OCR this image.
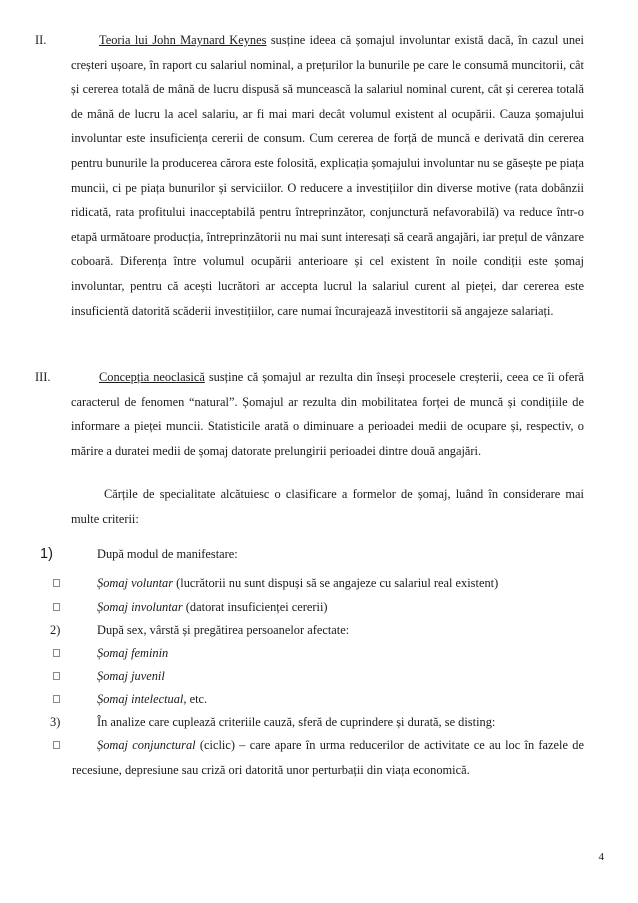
II.	Teoria lui John Maynard Keynes susține ideea că șomajul involuntar există dacă, în cazul unei creșteri ușoare, în raport cu salariul nominal, a prețurilor la bunurile pe care le consumă muncitorii, cât și cererea totală de mână de lucru dispusă să muncească la salariul nominal curent, cât și cererea totală de mână de lucru la acel salariu, ar fi mai mari decât volumul existent al ocupării. Cauza șomajului involuntar este insuficiența cererii de consum. Cum cererea de forță de muncă e derivată din cererea pentru bunurile la producerea cărora este folosită, explicația șomajului involuntar nu se găsește pe piața muncii, ci pe piața bunurilor și serviciilor. O reducere a investițiilor din diverse motive (rata dobânzii ridicată, rata profitului inacceptabilă pentru întreprinzător, conjunctură nefavorabilă) va reduce într-o etapă următoare producția, întreprinzătorii nu mai sunt interesați să ceară angajări, iar prețul de vânzare coboară. Diferența între volumul ocupării anterioare și cel existent în noile condiții este șomaj involuntar, pentru că acești lucrători ar accepta lucrul la salariul curent al pieței, dar cererea este insuficientă datorită scăderii investițiilor, care numai încurajează investitorii să angajeze salariați.

III.	Concepția neoclasică susține că șomajul ar rezulta din înseși procesele creșterii, ceea ce îi oferă caracterul de fenomen “natural”. Șomajul ar rezulta din mobilitatea forței de muncă și condițiile de informare a pieței muncii. Statisticile arată o diminuare a perioadei medii de ocupare și, respectiv, o mărire a duratei medii de șomaj datorate prelungirii perioadei dintre două angajări.

Cărțile de specialitate alcătuiesc o clasificare a formelor de șomaj, luând în considerare mai multe criterii:

1)	După modul de manifestare:
Șomaj voluntar (lucrătorii nu sunt dispuși să se angajeze cu salariul real existent)
Șomaj involuntar (datorat insuficienței cererii)
2)	După sex, vârstă și pregătirea persoanelor afectate:
Șomaj feminin
Șomaj juvenil
Șomaj intelectual, etc.
3)	În analize care cuplează criteriile cauză, sferă de cuprindere și durată, se disting:

Șomaj conjunctural (ciclic) – care apare în urma reducerilor de activitate ce au loc în fazele de recesiune, depresiune sau criză ori datorită unor perturbații din viața economică.

4
